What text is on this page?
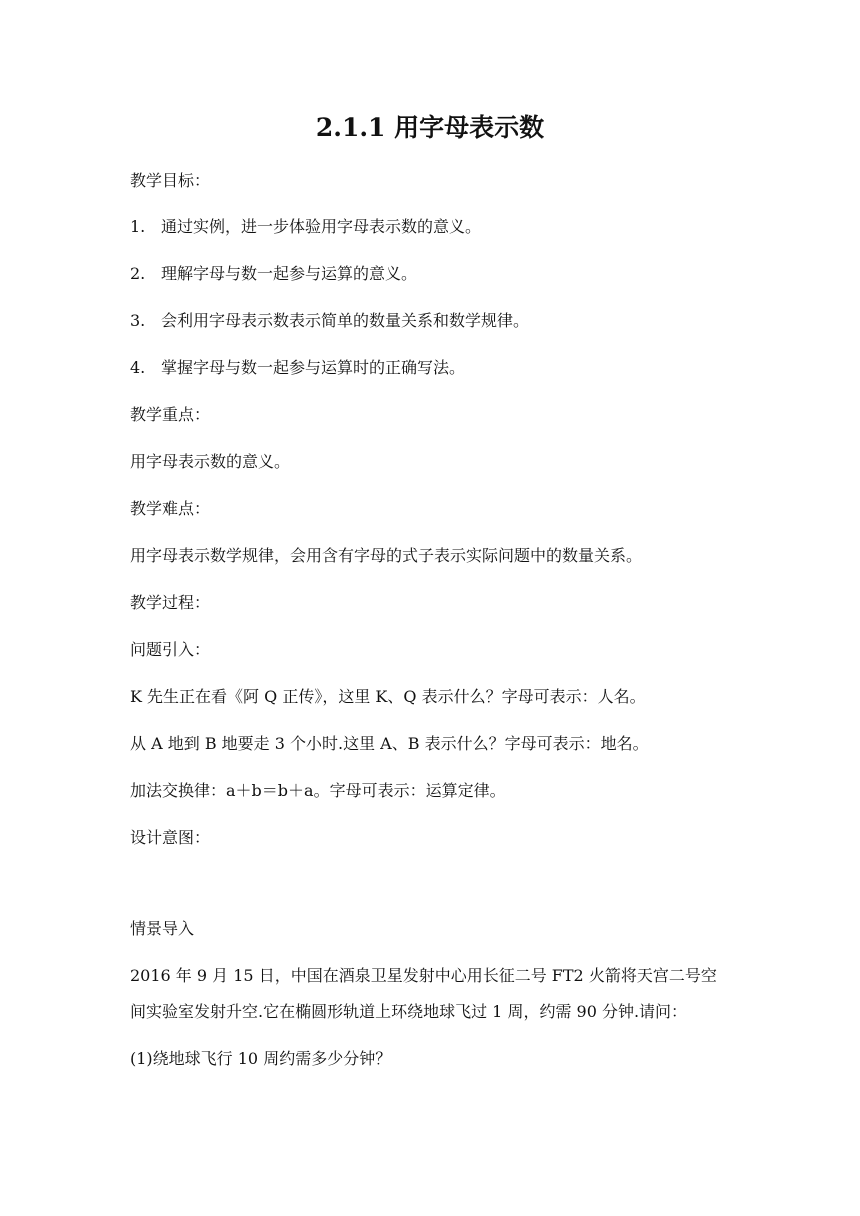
2.1.1 用字母表示数
教学目标：
1. 通过实例，进一步体验用字母表示数的意义。
2. 理解字母与数一起参与运算的意义。
3. 会利用字母表示数表示简单的数量关系和数学规律。
4. 掌握字母与数一起参与运算时的正确写法。
教学重点：
用字母表示数的意义。
教学难点：
用字母表示数学规律，会用含有字母的式子表示实际问题中的数量关系。
教学过程：
问题引入：
K 先生正在看《阿 Q 正传》，这里 K、Q 表示什么？字母可表示：人名。
从 A 地到 B 地要走 3 个小时.这里 A、B 表示什么？字母可表示：地名。
加法交换律：a＋b＝b＋a。字母可表示：运算定律。
设计意图：
情景导入
2016 年 9 月 15 日，中国在酒泉卫星发射中心用长征二号 FT2 火箭将天宫二号空
间实验室发射升空.它在椭圆形轨道上环绕地球飞过 1 周，约需 90 分钟.请问：
(1)绕地球飞行 10 周约需多少分钟？
